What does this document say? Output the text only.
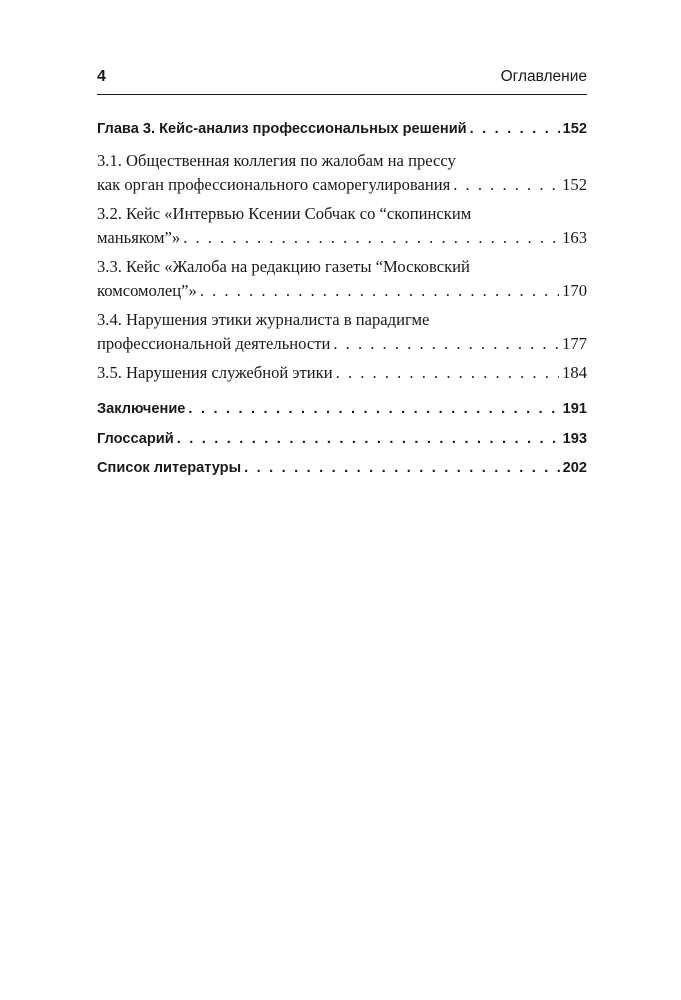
4	Оглавление
Глава 3. Кейс-анализ профессиональных решений . . .	152
3.1. Общественная коллегия по жалобам на прессу
как орган профессионального саморегулирования . . .	152
3.2. Кейс «Интервью Ксении Собчак со “скопинским
маньяком”» . . .	163
3.3. Кейс «Жалоба на редакцию газеты “Московский
комсомолец”» . . .	170
3.4. Нарушения этики журналиста в парадигме
профессиональной деятельности . . .	177
3.5. Нарушения служебной этики . . .	184
Заключение . . .	191
Глоссарий . . .	193
Список литературы . . .	202
